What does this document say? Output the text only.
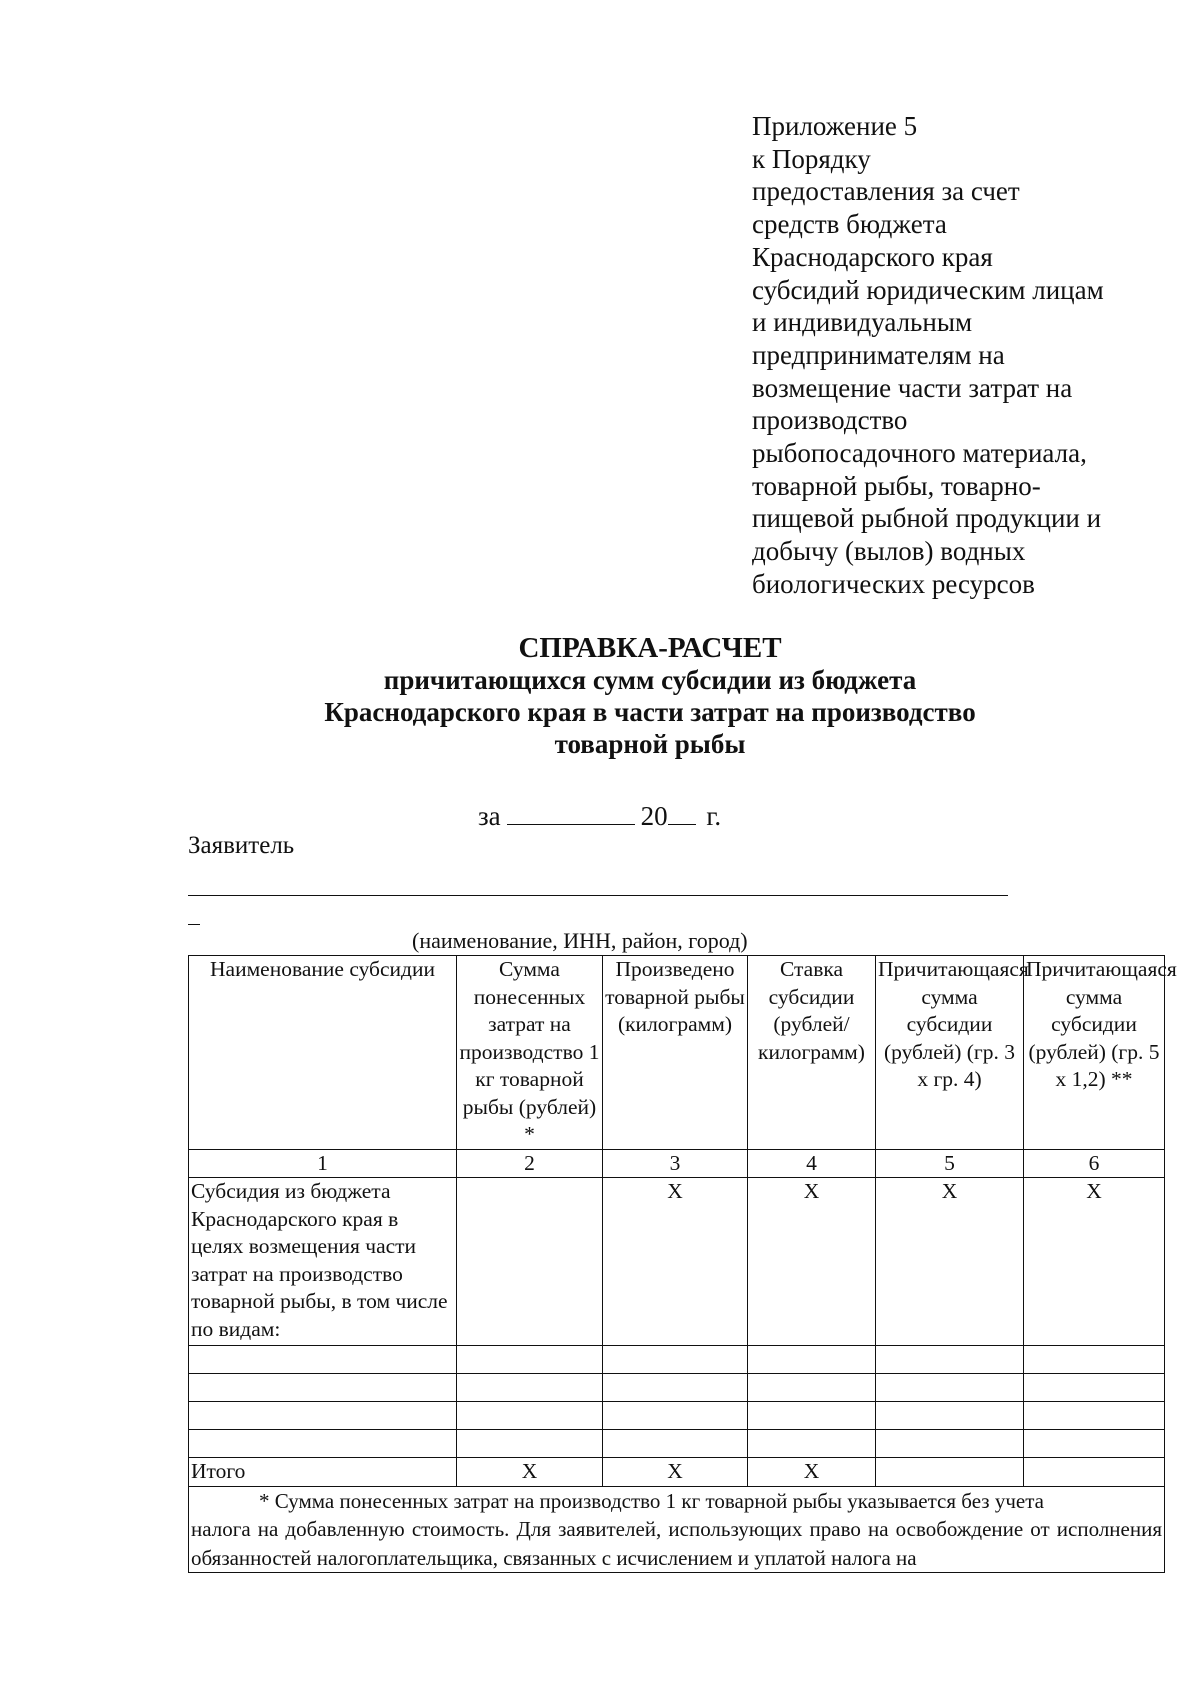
Приложение 5
к Порядку
предоставления за счет
средств бюджета
Краснодарского края
субсидий юридическим лицам
и индивидуальным
предпринимателям на
возмещение части затрат на
производство
рыбопосадочного материала,
товарной рыбы, товарно-
пищевой рыбной продукции и
добычу (вылов) водных
биологических ресурсов
СПРАВКА-РАСЧЕТ
причитающихся сумм субсидии из бюджета
Краснодарского края в части затрат на производство
товарной рыбы
за	20 г.
Заявитель
(наименование, ИНН, район, город)
Наименование субсидии	Сумма понесенных затрат на производство 1 кг товарной рыбы (рублей) *	Произведено товарной рыбы (килограмм)	Ставка субсидии (рублей/килограмм)	Причитающаяся сумма субсидии (рублей) (гр. 3 х гр. 4)	Причитающаяся сумма субсидии (рублей) (гр. 5 х 1,2) **
1	2	3	4	5	6
Субсидия из бюджета Краснодарского края в целях возмещения части затрат на производство товарной рыбы, в том числе по видам:		Х	Х	Х	Х

Итого	Х	Х	Х		

* Сумма понесенных затрат на производство 1 кг товарной рыбы указывается без учета
налога на добавленную стоимость. Для заявителей, использующих право на освобождение от исполнения обязанностей налогоплательщика, связанных с исчислением и уплатой налога на					
